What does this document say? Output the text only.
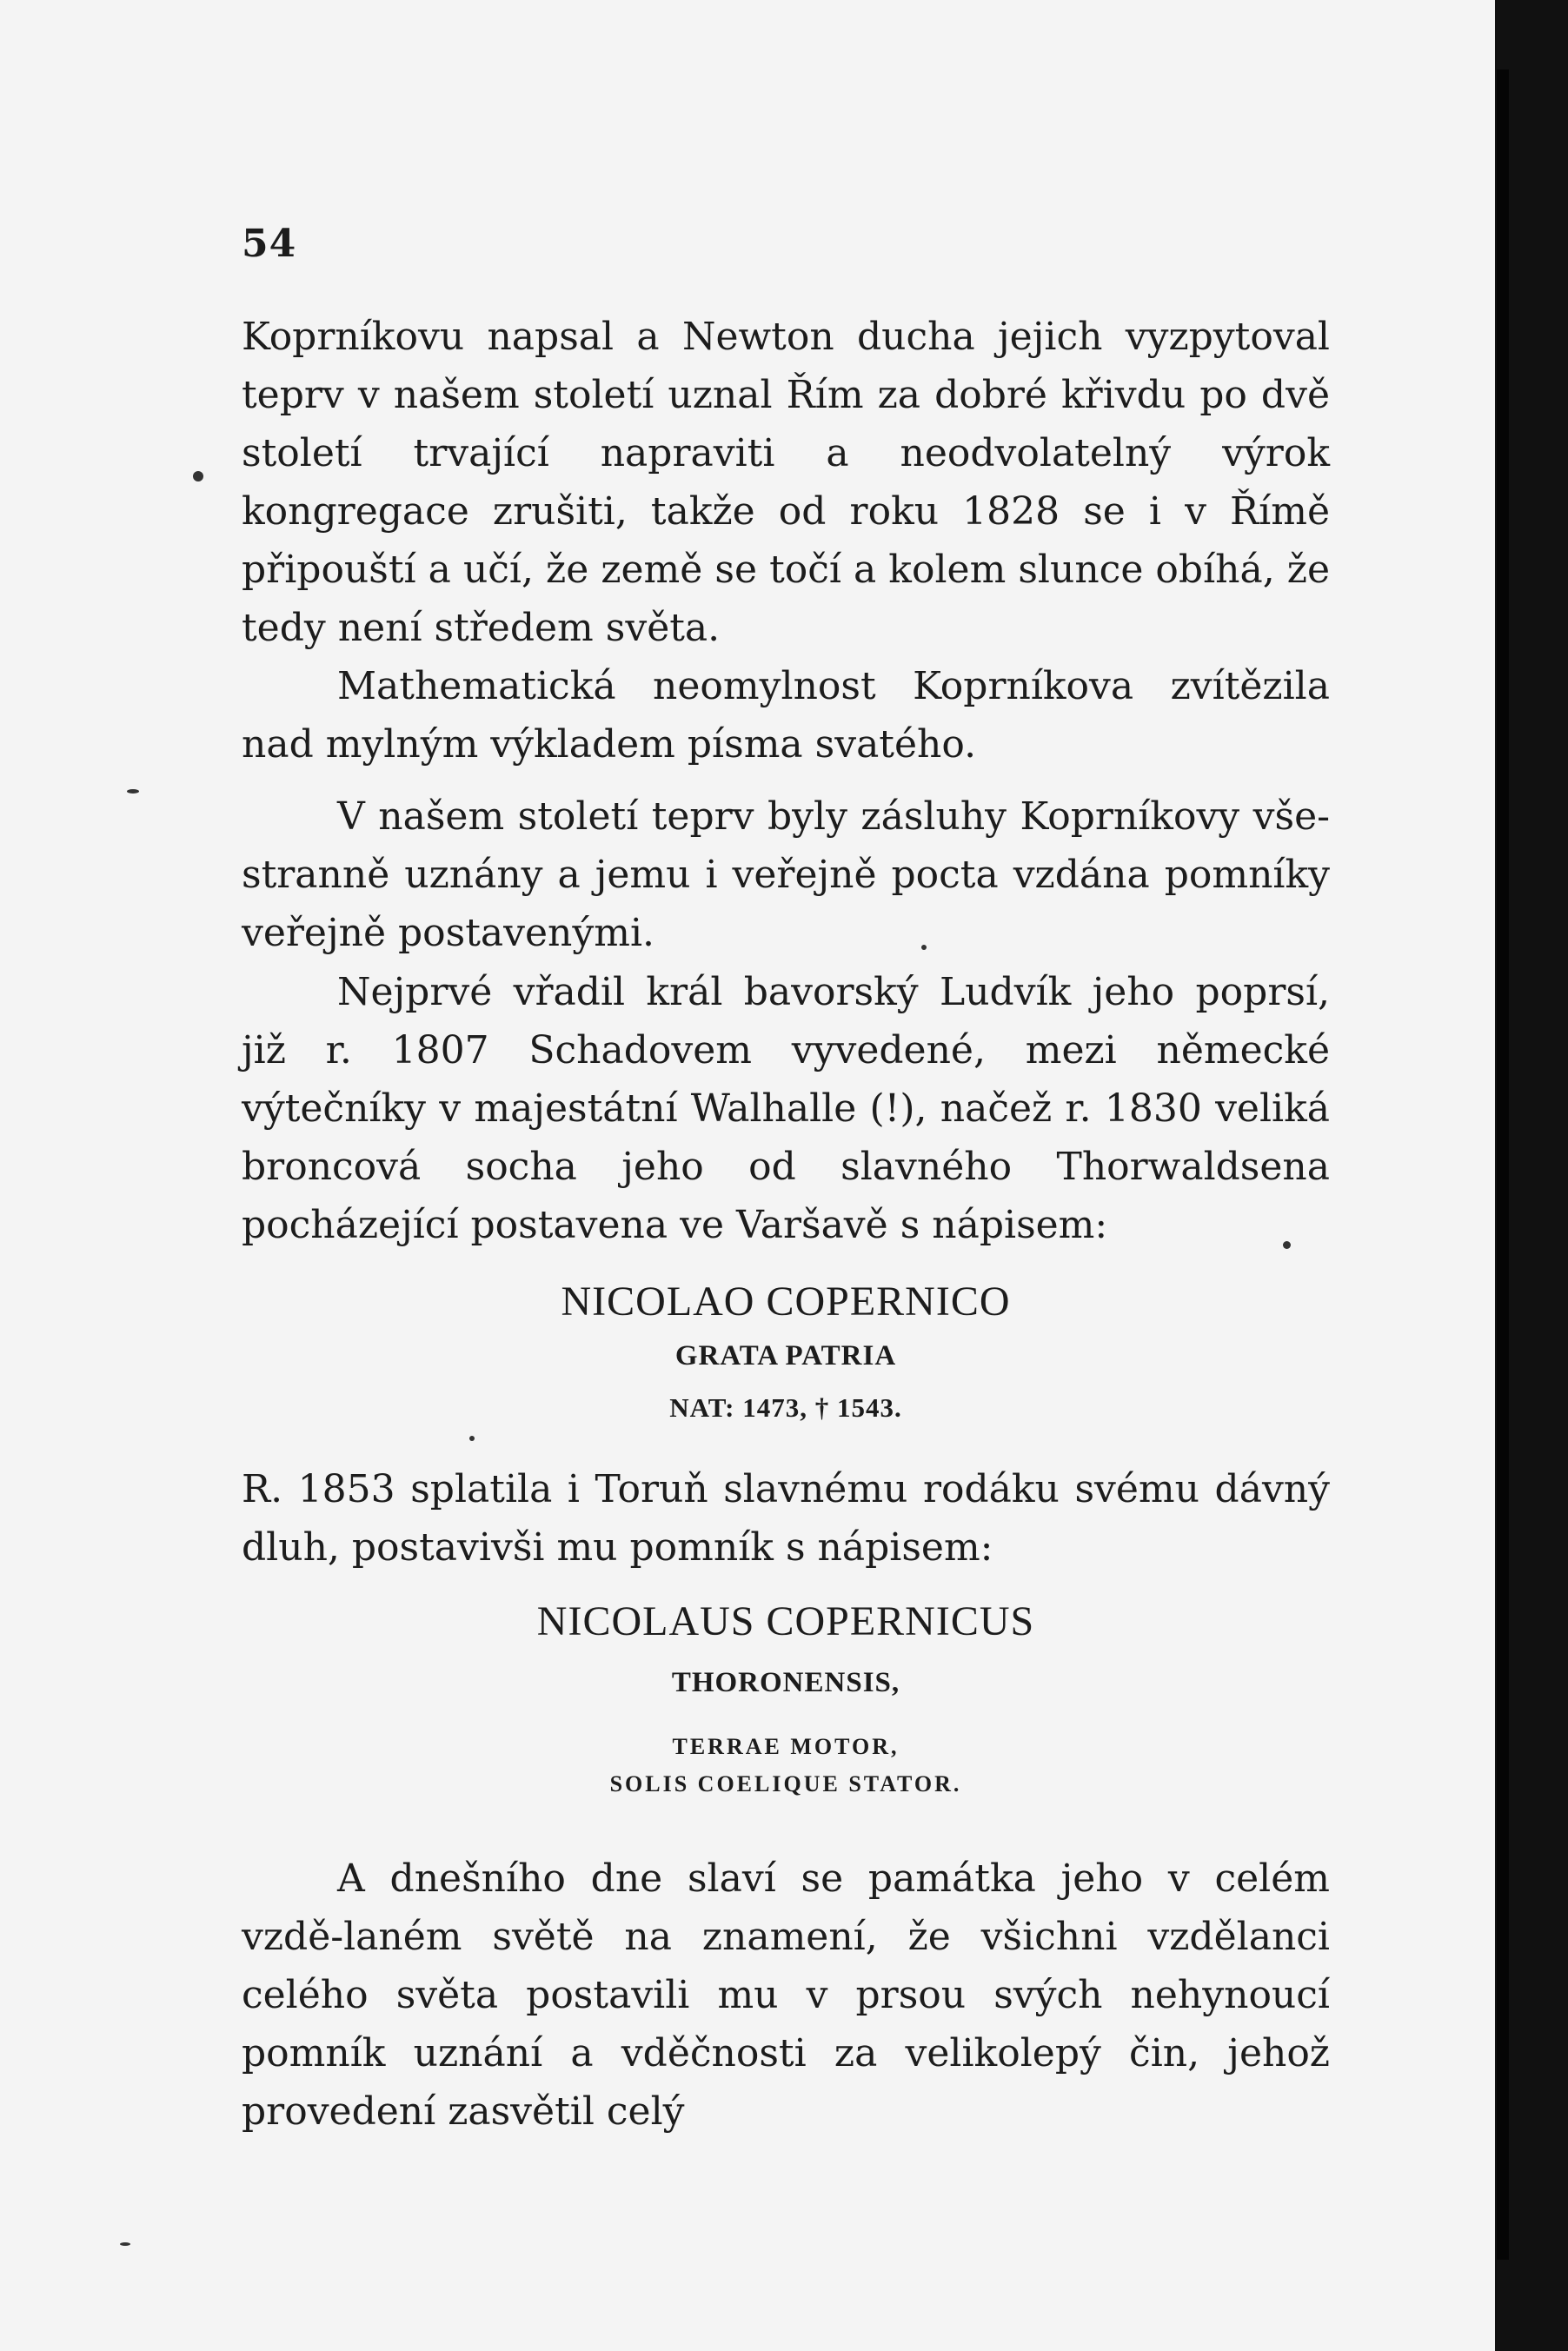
54

Koprníkovu napsal a Newton ducha jejich vyzpytoval teprv v našem století uznal Řím za dobré křivdu po dvě století trvající napraviti a neodvolatelný výrok kongregace zrušiti, takže od roku 1828 se i v Římě připouští a učí, že země se točí a kolem slunce obíhá, že tedy není středem světa.

Mathematická neomylnost Koprníkova zvítězila nad mylným výkladem písma svatého.

V našem století teprv byly zásluhy Koprníkovy vše-stranně uznány a jemu i veřejně pocta vzdána pomníky veřejně postavenými.

Nejprvé vřadil král bavorský Ludvík jeho poprsí, již r. 1807 Schadovem vyvedené, mezi německé výtečníky v majestátní Walhalle (!), načež r. 1830 veliká broncová socha jeho od slavného Thorwaldsena pocházející postavena ve Varšavě s nápisem:

NICOLAO COPERNICO
GRATA PATRIA
NAT: 1473, † 1543.

R. 1853 splatila i Toruň slavnému rodáku svému dávný dluh, postavivši mu pomník s nápisem:

NICOLAUS COPERNICUS
THORONENSIS,
TERRAE MOTOR,
SOLIS COELIQUE STATOR.

A dnešního dne slaví se památka jeho v celém vzdě-laném světě na znamení, že všichni vzdělanci celého světa postavili mu v prsou svých nehynoucí pomník uznání a vděčnosti za velikolepý čin, jehož provedení zasvětil celý
